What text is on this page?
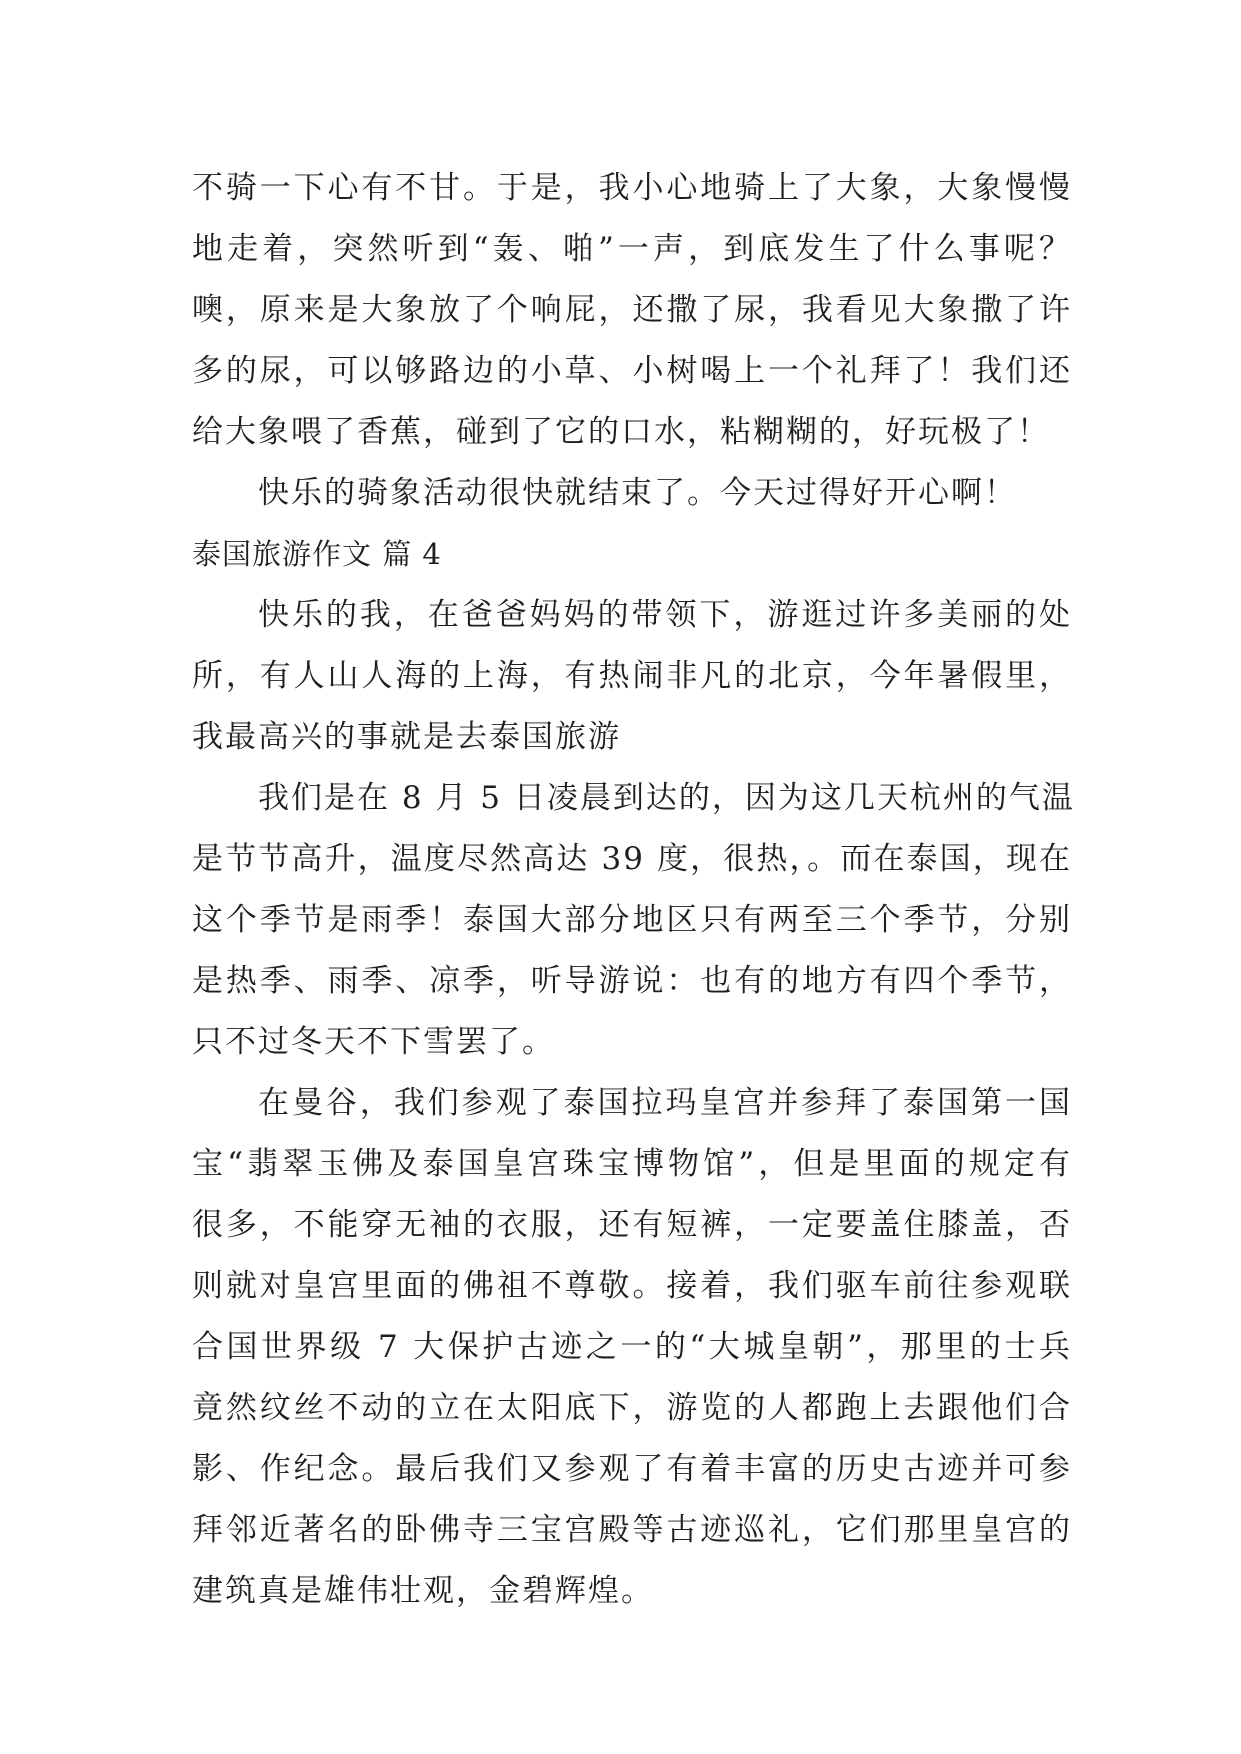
不骑一下心有不甘。于是，我小心地骑上了大象，大象慢慢
地走着，突然听到“轰、啪”一声，到底发生了什么事呢？
噢，原来是大象放了个响屁，还撒了尿，我看见大象撒了许
多的尿，可以够路边的小草、小树喝上一个礼拜了！我们还
给大象喂了香蕉，碰到了它的口水，粘糊糊的，好玩极了！
快乐的骑象活动很快就结束了。今天过得好开心啊！
泰国旅游作文 篇 4
快乐的我，在爸爸妈妈的带领下，游逛过许多美丽的处
所，有人山人海的上海，有热闹非凡的北京，今年暑假里，
我最高兴的事就是去泰国旅游
我们是在 8 月 5 日凌晨到达的，因为这几天杭州的气温
是节节高升，温度尽然高达 39 度，很热，。而在泰国，现在
这个季节是雨季！泰国大部分地区只有两至三个季节，分别
是热季、雨季、凉季，听导游说：也有的地方有四个季节，
只不过冬天不下雪罢了。
在曼谷，我们参观了泰国拉玛皇宫并参拜了泰国第一国
宝“翡翠玉佛及泰国皇宫珠宝博物馆”，但是里面的规定有
很多，不能穿无袖的衣服，还有短裤，一定要盖住膝盖，否
则就对皇宫里面的佛祖不尊敬。接着，我们驱车前往参观联
合国世界级 7 大保护古迹之一的“大城皇朝”，那里的士兵
竟然纹丝不动的立在太阳底下，游览的人都跑上去跟他们合
影、作纪念。最后我们又参观了有着丰富的历史古迹并可参
拜邻近著名的卧佛寺三宝宫殿等古迹巡礼，它们那里皇宫的
建筑真是雄伟壮观，金碧辉煌。
